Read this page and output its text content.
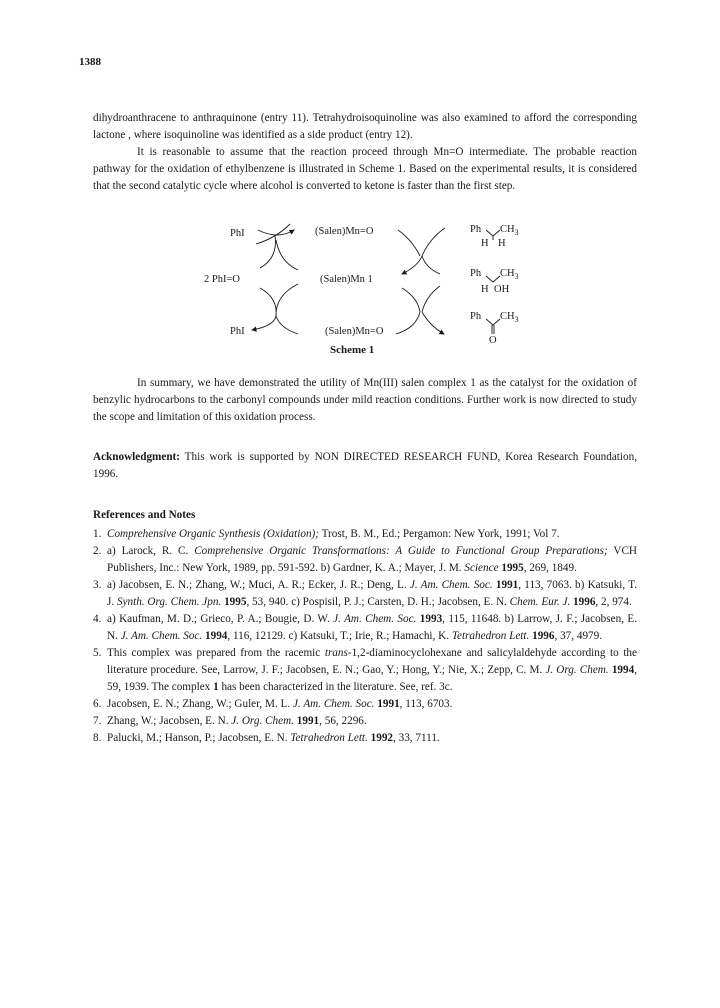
1388

dihydroanthracene to anthraquinone (entry 11). Tetrahydroisoquinoline was also examined to afford the corresponding lactone , where isoquinoline was identified as a side product (entry 12).

It is reasonable to assume that the reaction proceed through Mn=O intermediate. The probable reaction pathway for the oxidation of ethylbenzene is illustrated in Scheme 1. Based on the experimental results, it is considered that the second catalytic cycle where alcohol is converted to ketone is faster than the first step.

PhI
2 PhI=O
PhI
(Salen)Mn=O
(Salen)Mn 1
(Salen)Mn=O
Ph $CH_3$
H H
Ph $CH_3$
H OH
Ph $CH_3$
O
Scheme 1

In summary, we have demonstrated the utility of Mn(III) salen complex 1 as the catalyst for the oxidation of benzylic hydrocarbons to the carbonyl compounds under mild reaction conditions. Further work is now directed to study the scope and limitation of this oxidation process.

Acknowledgment: This work is supported by NON DIRECTED RESEARCH FUND, Korea Research Foundation, 1996.

References and Notes

1. Comprehensive Organic Synthesis (Oxidation); Trost, B. M., Ed.; Pergamon: New York, 1991; Vol 7.
2. a) Larock, R. C. Comprehensive Organic Transformations: A Guide to Functional Group Preparations; VCH Publishers, Inc.: New York, 1989, pp. 591-592. b) Gardner, K. A.; Mayer, J. M. Science 1995, 269, 1849.
3. a) Jacobsen, E. N.; Zhang, W.; Muci, A. R.; Ecker, J. R.; Deng, L. J. Am. Chem. Soc. 1991, 113, 7063. b) Katsuki, T. J. Synth. Org. Chem. Jpn. 1995, 53, 940. c) Pospisil, P. J.; Carsten, D. H.; Jacobsen, E. N. Chem. Eur. J. 1996, 2, 974.
4. a) Kaufman, M. D.; Grieco, P. A.; Bougie, D. W. J. Am. Chem. Soc. 1993, 115, 11648. b) Larrow, J. F.; Jacobsen, E. N. J. Am. Chem. Soc. 1994, 116, 12129. c) Katsuki, T.; Irie, R.; Hamachi, K. Tetrahedron Lett. 1996, 37, 4979.
5. This complex was prepared from the racemic trans-1,2-diaminocyclohexane and salicylaldehyde according to the literature procedure. See, Larrow, J. F.; Jacobsen, E. N.; Gao, Y.; Hong, Y.; Nie, X.; Zepp, C. M. J. Org. Chem. 1994, 59, 1939. The complex 1 has been characterized in the literature. See, ref. 3c.
6. Jacobsen, E. N.; Zhang, W.; Guler, M. L. J. Am. Chem. Soc. 1991, 113, 6703.
7. Zhang, W.; Jacobsen, E. N. J. Org. Chem. 1991, 56, 2296.
8. Palucki, M.; Hanson, P.; Jacobsen, E. N. Tetrahedron Lett. 1992, 33, 7111.
